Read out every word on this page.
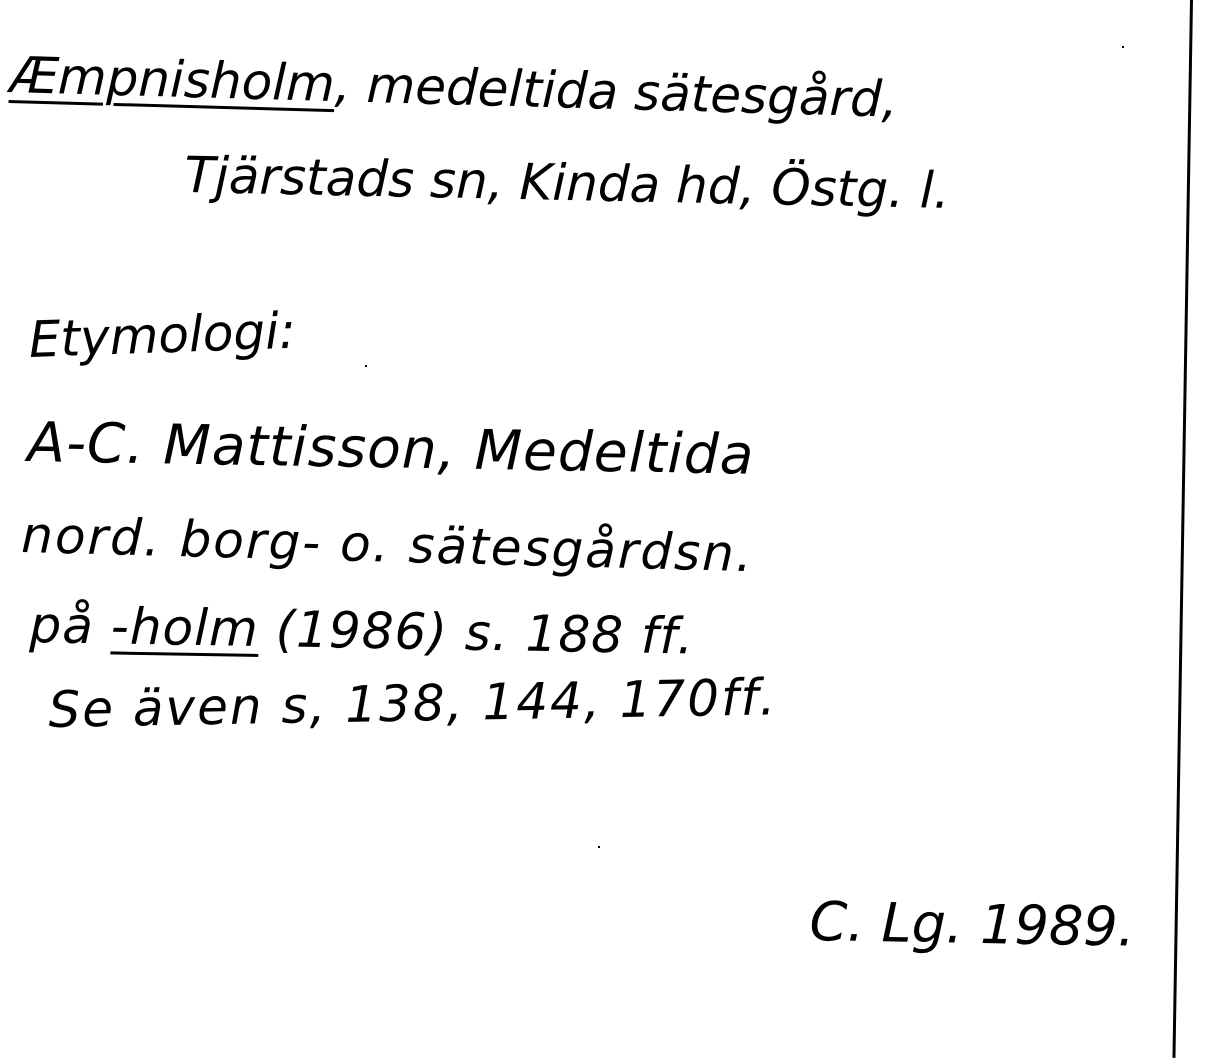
Æmpnisholm, medeltida sätesgård,
Tjärstads sn, Kinda hd, Östg. l.
Etymologi:
A-C. Mattisson, Medeltida
nord. borg- o. sätesgårdsn.
på -holm (1986) s. 188 ff.
Se även s, 138, 144, 170ff.
C. Lg. 1989.
